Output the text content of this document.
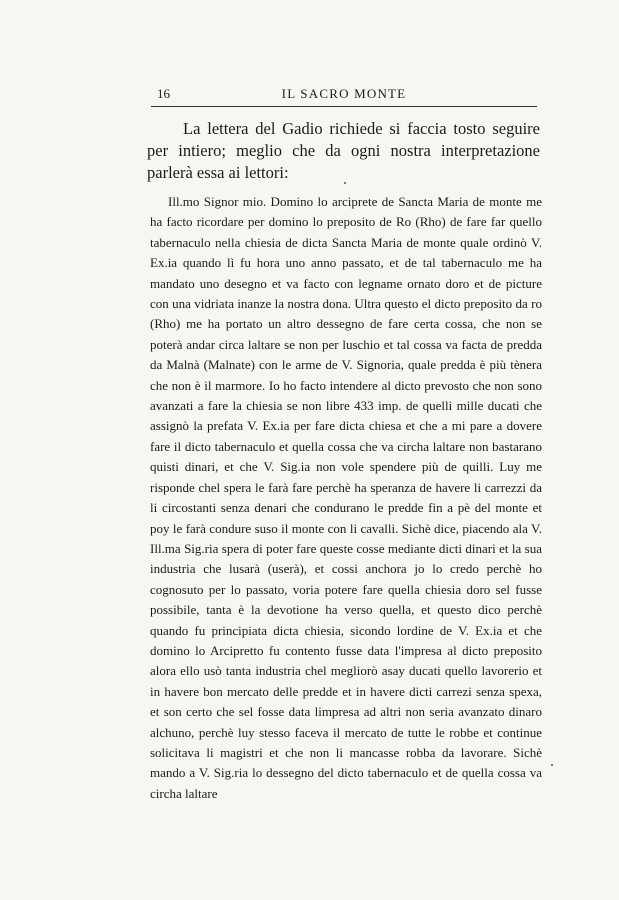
16	IL SACRO MONTE

La lettera del Gadio richiede si faccia tosto seguire per intiero; meglio che da ogni nostra interpretazione parlerà essa ai lettori:

Ill.mo Signor mio. Domino lo arciprete de Sancta Maria de monte me ha facto ricordare per domino lo preposito de Ro (Rho) de fare far quello tabernaculo nella chiesia de dicta Sancta Maria de monte quale ordinò V. Ex.ia quando lì fu hora uno anno passato, et de tal tabernaculo me ha mandato uno desegno et va facto con legname ornato doro et de picture con una vidriata inanze la nostra dona. Ultra questo el dicto preposito da ro (Rho) me ha portato un altro dessegno de fare certa cossa, che non se poterà andar circa laltare se non per luschio et tal cossa va facta de predda da Malnà (Malnate) con le arme de V. Signoria, quale predda è più tènera che non è il marmore. Io ho facto intendere al dicto prevosto che non sono avanzati a fare la chiesia se non libre 433 imp. de quelli mille ducati che assignò la prefata V. Ex.ia per fare dicta chiesa et che a mi pare a dovere fare il dicto tabernaculo et quella cossa che va circha laltare non bastarano quisti dinari, et che V. Sig.ia non vole spendere più de quilli. Luy me risponde chel spera le farà fare perchè ha speranza de havere li carrezzi da li circostanti senza denari che condurano le predde fin a pè del monte et poy le farà condure suso il monte con li cavalli. Sichè dice, piacendo ala V. Ill.ma Sig.ria spera di poter fare queste cosse mediante dicti dinari et la sua industria che lusarà (userà), et cossi anchora jo lo credo perchè ho cognosuto per lo passato, voria potere fare quella chiesia doro sel fusse possibile, tanta è la devotione ha verso quella, et questo dico perchè quando fu principiata dicta chiesia, sicondo lordine de V. Ex.ia et che domino lo Arcipretto fu contento fusse data l'impresa al dicto preposito alora ello usò tanta industria chel megliorò asay ducati quello lavorerio et in havere bon mercato delle predde et in havere dicti carrezi senza spexa, et son certo che sel fosse data limpresa ad altri non seria avanzato dinaro alchuno, perchè luy stesso faceva il mercato de tutte le robbe et continue solicitava li magistri et che non li mancasse robba da lavorare. Sichè mando a V. Sig.ria lo dessegno del dicto tabernaculo et de quella cossa va circha laltare
